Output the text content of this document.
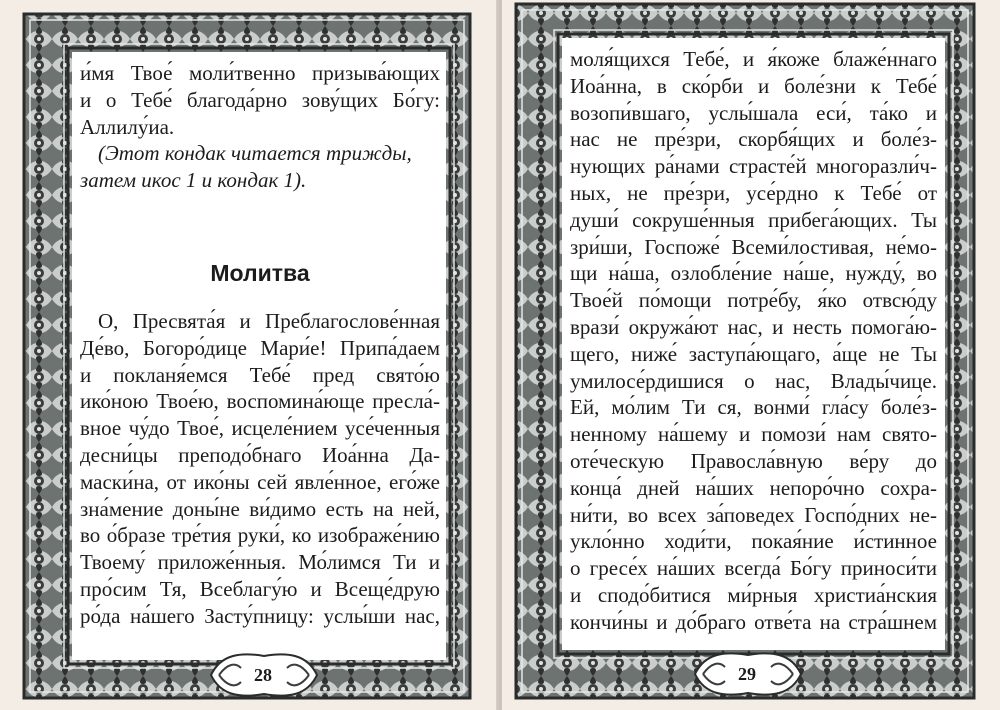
и́мя Твое́ моли́твенно призыва́ющих
и о Тебе́ благода́рно зову́щих Бо́гу:
Аллилу́иа.
(Этот кондак читается трижды,
затем икос 1 и кондак 1).
Молитва
О, Пресвята́я и Преблагослове́нная
Де́во, Богоро́дице Мари́е! Припа́даем
и покланя́емся Тебе́ пред свято́ю
ико́ною Твое́ю, воспомина́юще пресла́-
вное чу́до Твое́, исцеле́нием усе́ченныя
десни́цы преподо́бнаго Иоа́нна Да-
маски́на, от ико́ны сей явле́нное, его́же
зна́мение доны́не ви́димо есть на ней,
во о́бразе тре́тия руки́, ко изображе́нию
Твоему́ приложе́нныя. Мо́лимся Ти и
про́сим Тя, Всеблагу́ю и Всеще́друю
ро́да на́шего Засту́пницу: услы́ши нас,
28
моля́щихся Тебе́, и я́коже блаже́ннаго
Иоа́нна, в ско́рби и боле́зни к Тебе́
возопи́вшаго, услы́шала еси́, та́ко и
нас не пре́зри, скорбя́щих и боле́з-
нующих ра́нами страсте́й многоразли́ч-
ных, не пре́зри, усе́рдно к Тебе́ от
души́ сокруше́нныя прибега́ющих. Ты
зри́ши, Госпоже́ Всеми́лостивая, не́мо-
щи на́ша, озлобле́ние на́ше, нужду́, во
Твое́й по́мощи потре́бу, я́ко отвсю́ду
врази́ окружа́ют нас, и несть помога́ю-
щего, ниже́ заступа́ющаго, а́ще не Ты
умилосе́рдишися о нас, Влады́чице.
Ей, мо́лим Ти ся, вонми́ гла́су боле́з-
ненному на́шему и помози́ нам свято-
оте́ческую Правосла́вную ве́ру до
конца́ дней на́ших непоро́чно сохра-
ни́ти, во всех за́поведех Госпо́дних не-
укло́нно ходи́ти, покая́ние и́стинное
о гресе́х на́ших всегда́ Бо́гу приноси́ти
и сподо́битися ми́рныя христиа́нския
кончи́ны и до́браго отве́та на стра́шнем
29
